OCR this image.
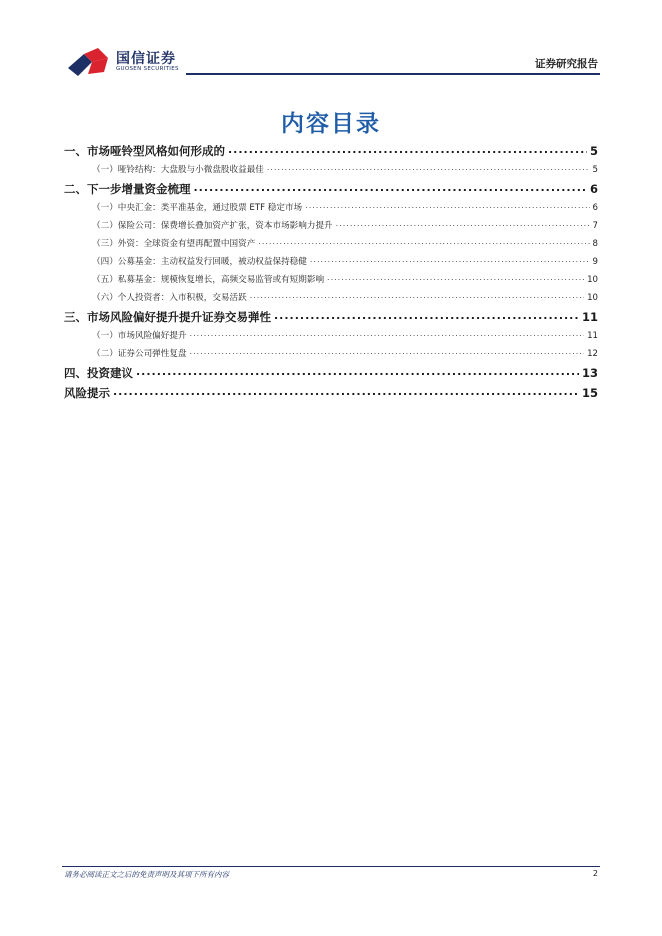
国信证券
GUOSEN SECURITIES	证券研究报告
内容目录
一、市场哑铃型风格如何形成的 .....	5
（一）哑铃结构：大盘股与小微盘股收益最佳 .....	5
二、下一步增量资金梳理 .....	6
（一）中央汇金：类平准基金，通过股票 ETF 稳定市场 .....	6
（二）保险公司：保费增长叠加资产扩张，资本市场影响力提升 .....	7
（三）外资：全球资金有望再配置中国资产 .....	8
（四）公募基金：主动权益发行回暖，被动权益保持稳健 .....	9
（五）私募基金：规模恢复增长，高频交易监管或有短期影响 .....	10
（六）个人投资者：入市积极，交易活跃 .....	10
三、市场风险偏好提升提升证券交易弹性 .....	11
（一）市场风险偏好提升 .....	11
（二）证券公司弹性复盘 .....	12
四、投资建议 .....	13
风险提示 .....	15
请务必阅读正文之后的免责声明及其项下所有内容	2
